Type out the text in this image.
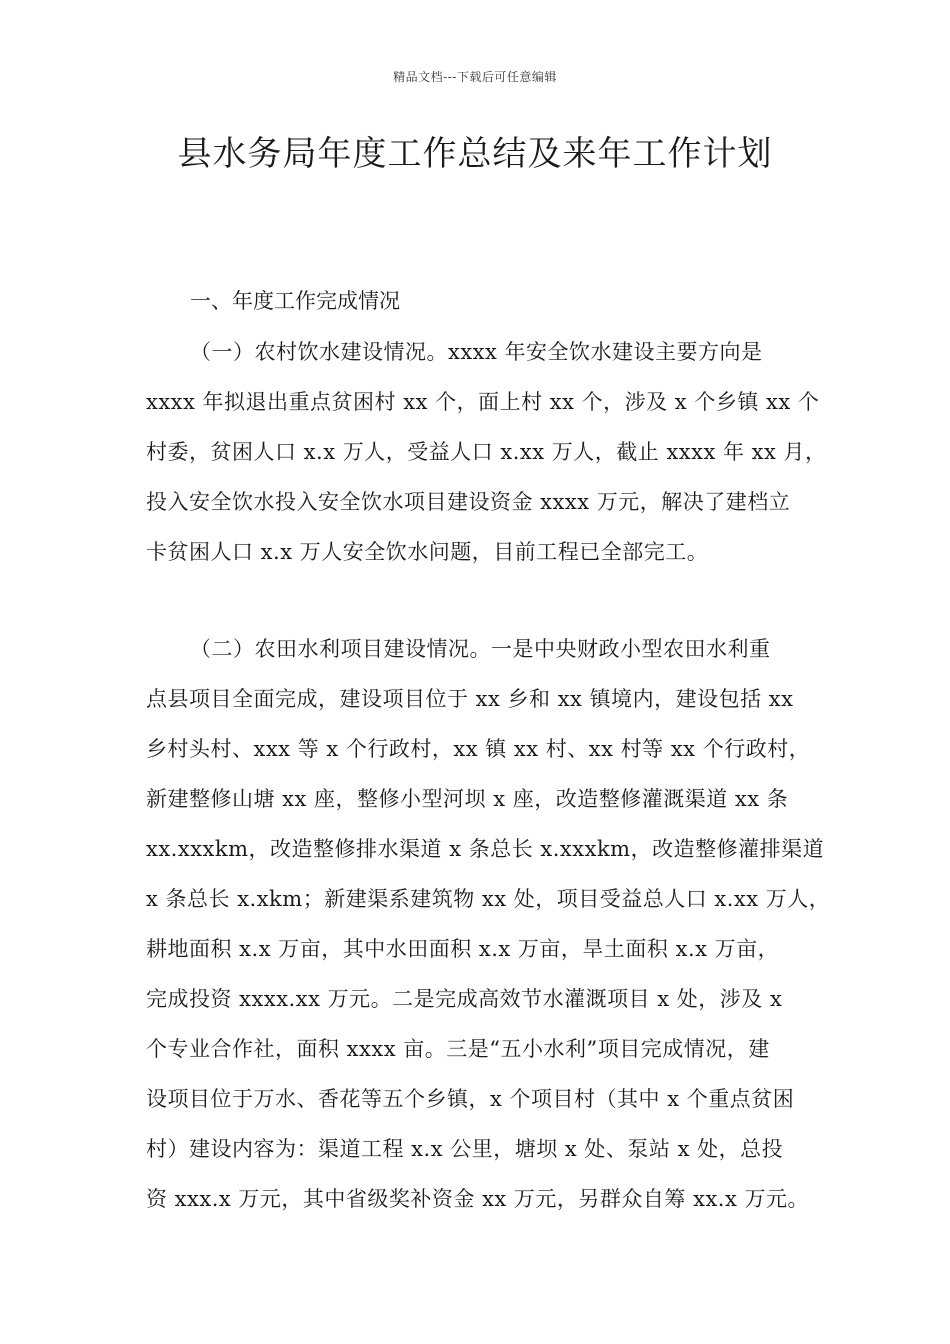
精品文档---下载后可任意编辑
县水务局年度工作总结及来年工作计划
一、年度工作完成情况
（一）农村饮水建设情况。xxxx 年安全饮水建设主要方向是
xxxx 年拟退出重点贫困村 xx 个，面上村 xx 个，涉及 x 个乡镇 xx 个
村委，贫困人口 x.x 万人，受益人口 x.xx 万人，截止 xxxx 年 xx 月，
投入安全饮水投入安全饮水项目建设资金 xxxx 万元，解决了建档立
卡贫困人口 x.x 万人安全饮水问题，目前工程已全部完工。
（二）农田水利项目建设情况。一是中央财政小型农田水利重
点县项目全面完成，建设项目位于 xx 乡和 xx 镇境内，建设包括 xx
乡村头村、xxx 等 x 个行政村，xx 镇 xx 村、xx 村等 xx 个行政村，
新建整修山塘 xx 座，整修小型河坝 x 座，改造整修灌溉渠道 xx 条
xx.xxxkm，改造整修排水渠道 x 条总长 x.xxxkm，改造整修灌排渠道
x 条总长 x.xkm；新建渠系建筑物 xx 处，项目受益总人口 x.xx 万人，
耕地面积 x.x 万亩，其中水田面积 x.x 万亩，旱土面积 x.x 万亩，
完成投资 xxxx.xx 万元。二是完成高效节水灌溉项目 x 处，涉及 x
个专业合作社，面积 xxxx 亩。三是“五小水利”项目完成情况，建
设项目位于万水、香花等五个乡镇，x 个项目村（其中 x 个重点贫困
村）建设内容为：渠道工程 x.x 公里，塘坝 x 处、泵站 x 处，总投
资 xxx.x 万元，其中省级奖补资金 xx 万元，另群众自筹 xx.x 万元。
